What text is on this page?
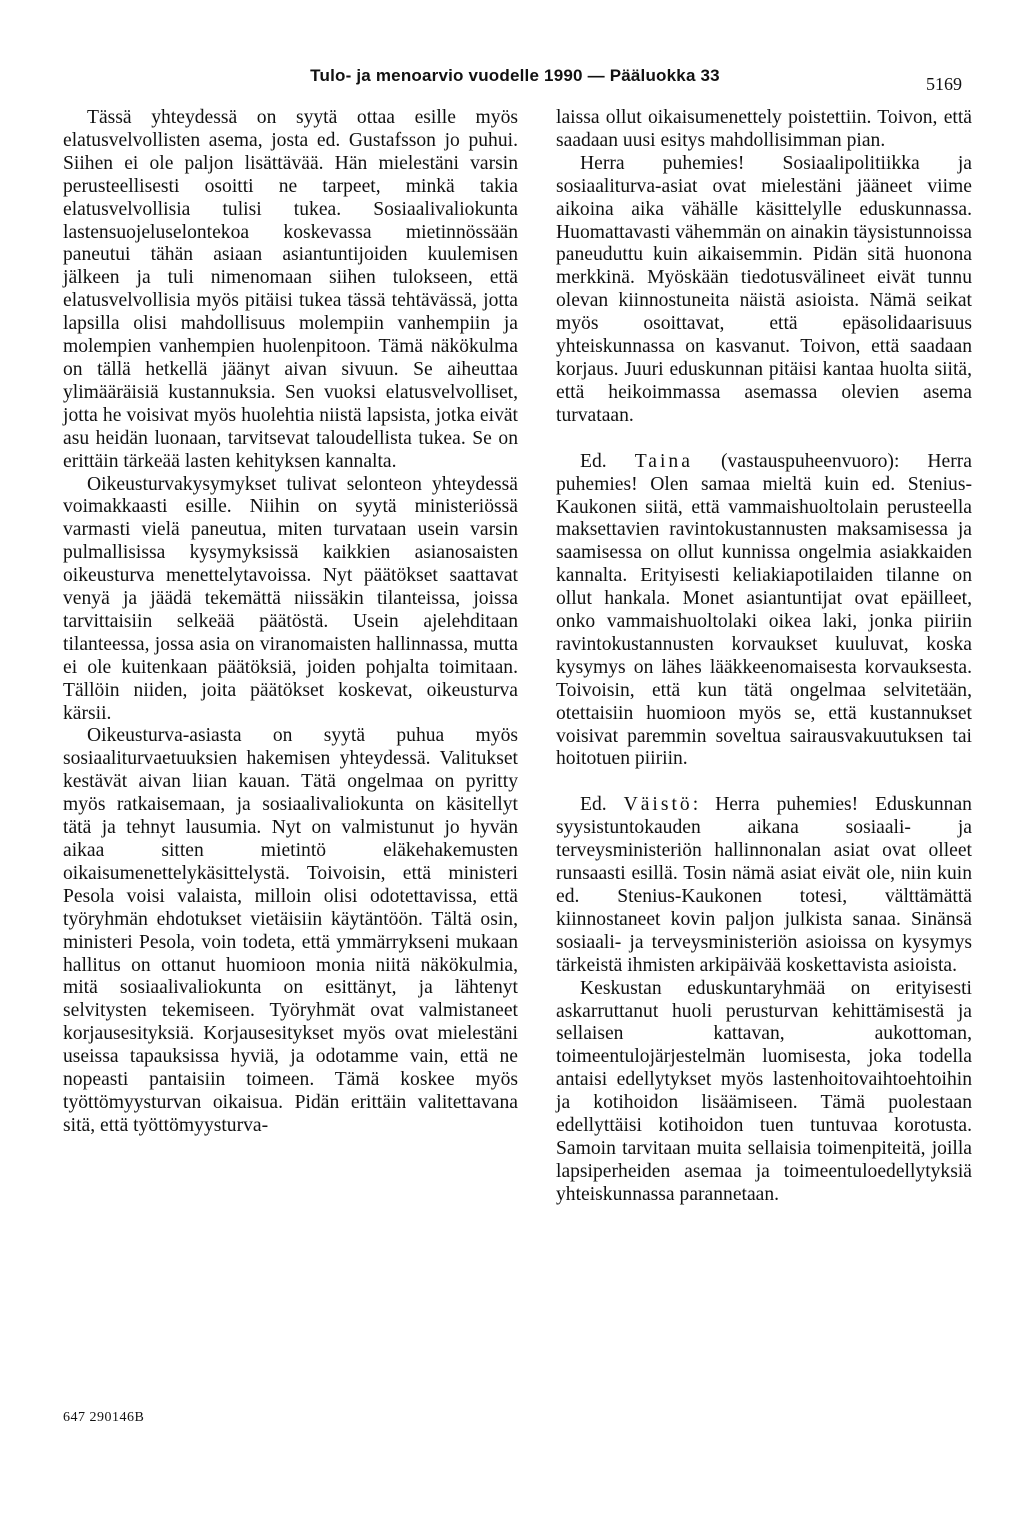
Tulo- ja menoarvio vuodelle 1990 — Pääluokka 33	5169

Tässä yhteydessä on syytä ottaa esille myös elatusvelvollisten asema, josta ed. Gustafsson jo puhui. Siihen ei ole paljon lisättävää. Hän mielestäni varsin perusteellisesti osoitti ne tarpeet, minkä takia elatusvelvollisia tulisi tukea. Sosiaalivaliokunta lastensuojeluselontekoa koskevassa mietinnössään paneutui tähän asiaan asiantuntijoiden kuulemisen jälkeen ja tuli nimenomaan siihen tulokseen, että elatusvelvollisia myös pitäisi tukea tässä tehtävässä, jotta lapsilla olisi mahdollisuus molempiin vanhempiin ja molempien vanhempien huolenpitoon. Tämä näkökulma on tällä hetkellä jäänyt aivan sivuun. Se aiheuttaa ylimääräisiä kustannuksia. Sen vuoksi elatusvelvolliset, jotta he voisivat myös huolehtia niistä lapsista, jotka eivät asu heidän luonaan, tarvitsevat taloudellista tukea. Se on erittäin tärkeää lasten kehityksen kannalta.

Oikeusturvakysymykset tulivat selonteon yhteydessä voimakkaasti esille. Niihin on syytä ministeriössä varmasti vielä paneutua, miten turvataan usein varsin pulmallisissa kysymyksissä kaikkien asianosaisten oikeusturva menettelytavoissa. Nyt päätökset saattavat venyä ja jäädä tekemättä niissäkin tilanteissa, joissa tarvittaisiin selkeää päätöstä. Usein ajelehditaan tilanteessa, jossa asia on viranomaisten hallinnassa, mutta ei ole kuitenkaan päätöksiä, joiden pohjalta toimitaan. Tällöin niiden, joita päätökset koskevat, oikeusturva kärsii.

Oikeusturva-asiasta on syytä puhua myös sosiaaliturvaetuuksien hakemisen yhteydessä. Valitukset kestävät aivan liian kauan. Tätä ongelmaa on pyritty myös ratkaisemaan, ja sosiaalivaliokunta on käsitellyt tätä ja tehnyt lausumia. Nyt on valmistunut jo hyvän aikaa sitten mietintö eläkehakemusten oikaisumenettelykäsittelystä. Toivoisin, että ministeri Pesola voisi valaista, milloin olisi odotettavissa, että työryhmän ehdotukset vietäisiin käytäntöön. Tältä osin, ministeri Pesola, voin todeta, että ymmärrykseni mukaan hallitus on ottanut huomioon monia niitä näkökulmia, mitä sosiaalivaliokunta on esittänyt, ja lähtenyt selvitysten tekemiseen. Työryhmät ovat valmistaneet korjausesityksiä. Korjausesitykset myös ovat mielestäni useissa tapauksissa hyviä, ja odotamme vain, että ne nopeasti pantaisiin toimeen. Tämä koskee myös työttömyysturvan oikaisua. Pidän erittäin valitettavana sitä, että työttömyysturva-

laissa ollut oikaisumenettely poistettiin. Toivon, että saadaan uusi esitys mahdollisimman pian.

Herra puhemies! Sosiaalipolitiikka ja sosiaaliturva-asiat ovat mielestäni jääneet viime aikoina aika vähälle käsittelylle eduskunnassa. Huomattavasti vähemmän on ainakin täysistunnoissa paneuduttu kuin aikaisemmin. Pidän sitä huonona merkkinä. Myöskään tiedotusvälineet eivät tunnu olevan kiinnostuneita näistä asioista. Nämä seikat myös osoittavat, että epäsolidaarisuus yhteiskunnassa on kasvanut. Toivon, että saadaan korjaus. Juuri eduskunnan pitäisi kantaa huolta siitä, että heikoimmassa asemassa olevien asema turvataan.

Ed. Taina (vastauspuheenvuoro): Herra puhemies! Olen samaa mieltä kuin ed. Stenius-Kaukonen siitä, että vammaishuoltolain perusteella maksettavien ravintokustannusten maksamisessa ja saamisessa on ollut kunnissa ongelmia asiakkaiden kannalta. Erityisesti keliakiapotilaiden tilanne on ollut hankala. Monet asiantuntijat ovat epäilleet, onko vammaishuoltolaki oikea laki, jonka piiriin ravintokustannusten korvaukset kuuluvat, koska kysymys on lähes lääkkeenomaisesta korvauksesta. Toivoisin, että kun tätä ongelmaa selvitetään, otettaisiin huomioon myös se, että kustannukset voisivat paremmin soveltua sairausvakuutuksen tai hoitotuen piiriin.

Ed. Väistö: Herra puhemies! Eduskunnan syysistuntokauden aikana sosiaali- ja terveysministeriön hallinnonalan asiat ovat olleet runsaasti esillä. Tosin nämä asiat eivät ole, niin kuin ed. Stenius-Kaukonen totesi, välttämättä kiinnostaneet kovin paljon julkista sanaa. Sinänsä sosiaali- ja terveysministeriön asioissa on kysymys tärkeistä ihmisten arkipäivää koskettavista asioista.

Keskustan eduskuntaryhmää on erityisesti askarruttanut huoli perusturvan kehittämisestä ja sellaisen kattavan, aukottoman, toimeentulojärjestelmän luomisesta, joka todella antaisi edellytykset myös lastenhoitovaihtoehtoihin ja kotihoidon lisäämiseen. Tämä puolestaan edellyttäisi kotihoidon tuen tuntuvaa korotusta. Samoin tarvitaan muita sellaisia toimenpiteitä, joilla lapsiperheiden asemaa ja toimeentuloedellytyksiä yhteiskunnassa parannetaan.

647 290146B
